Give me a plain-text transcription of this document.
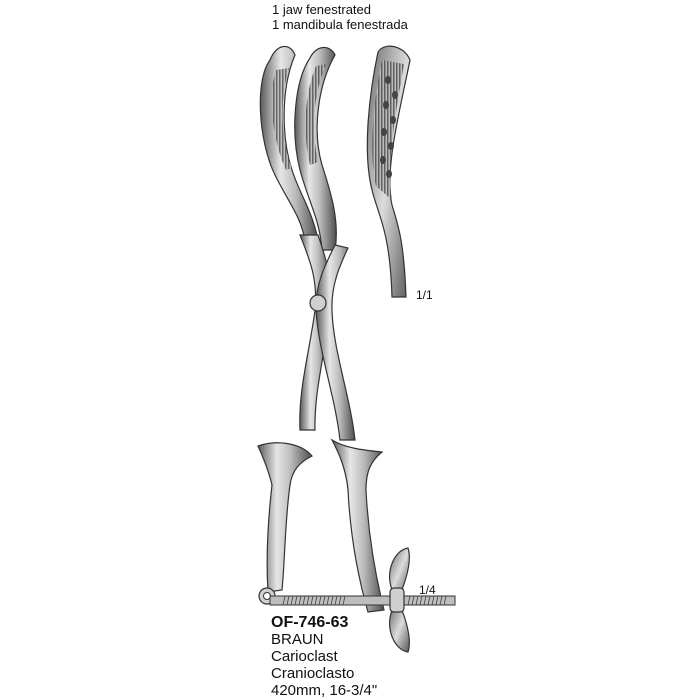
1 jaw fenestrated
1 mandibula fenestrada
1/1
1/4
OF-746-63
BRAUN
Carioclast
Cranioclasto
420mm, 16-3/4"
